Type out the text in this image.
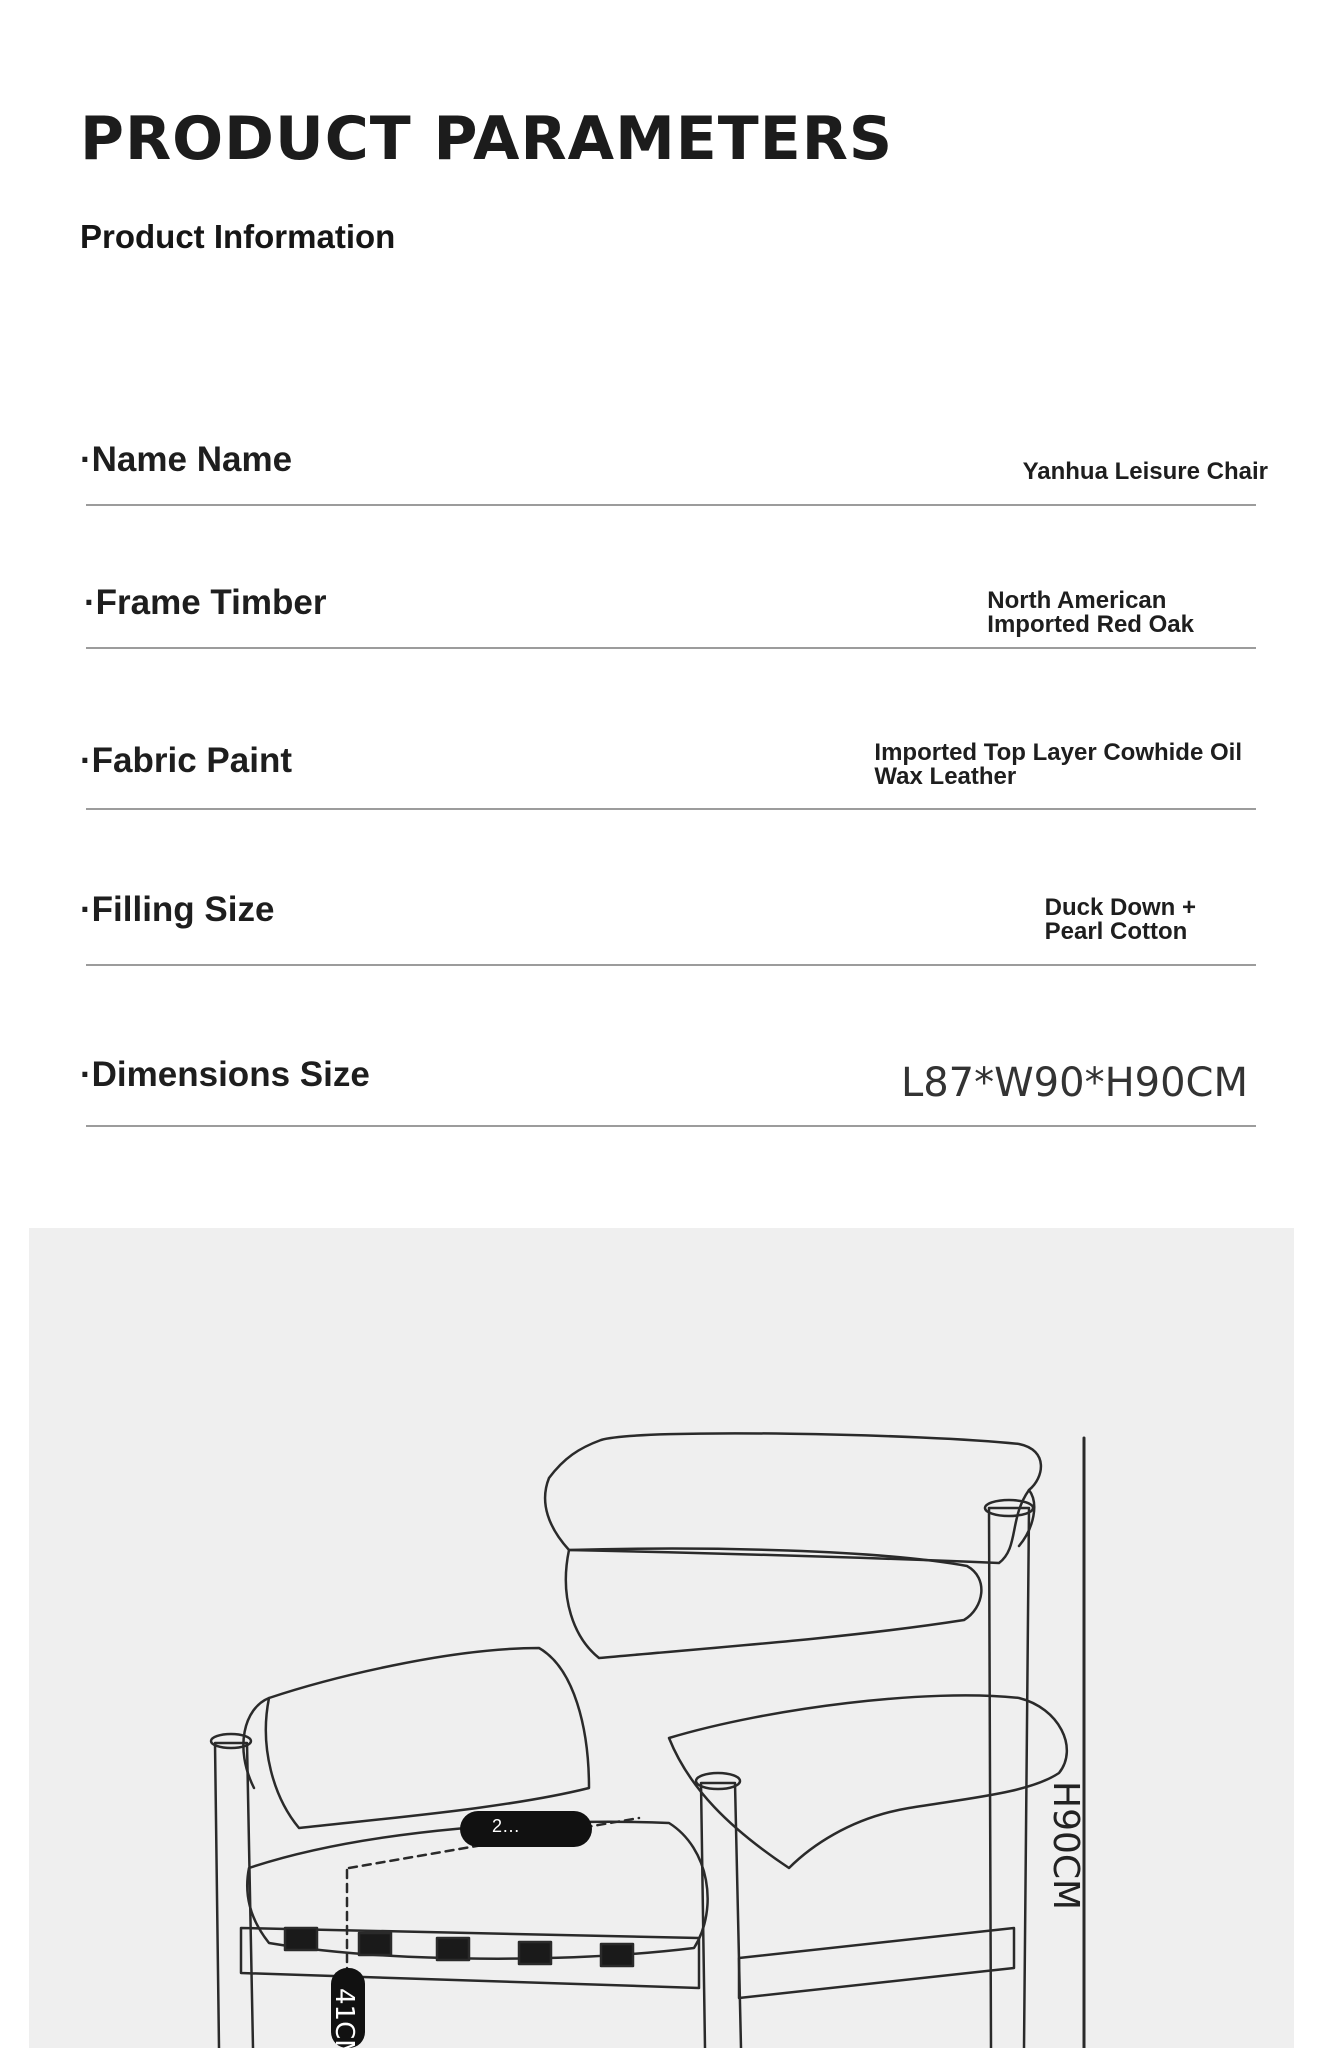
PRODUCT PARAMETERS
Product Information
·Name Name	Yanhua Leisure Chair
·Frame Timber	North American
Imported Red Oak
·Fabric Paint	Imported Top Layer Cowhide Oil
Wax Leather
·Filling Size	Duck Down +
Pearl Cotton
·Dimensions Size	L87*W90*H90CM
2…	H90CM
41CM
